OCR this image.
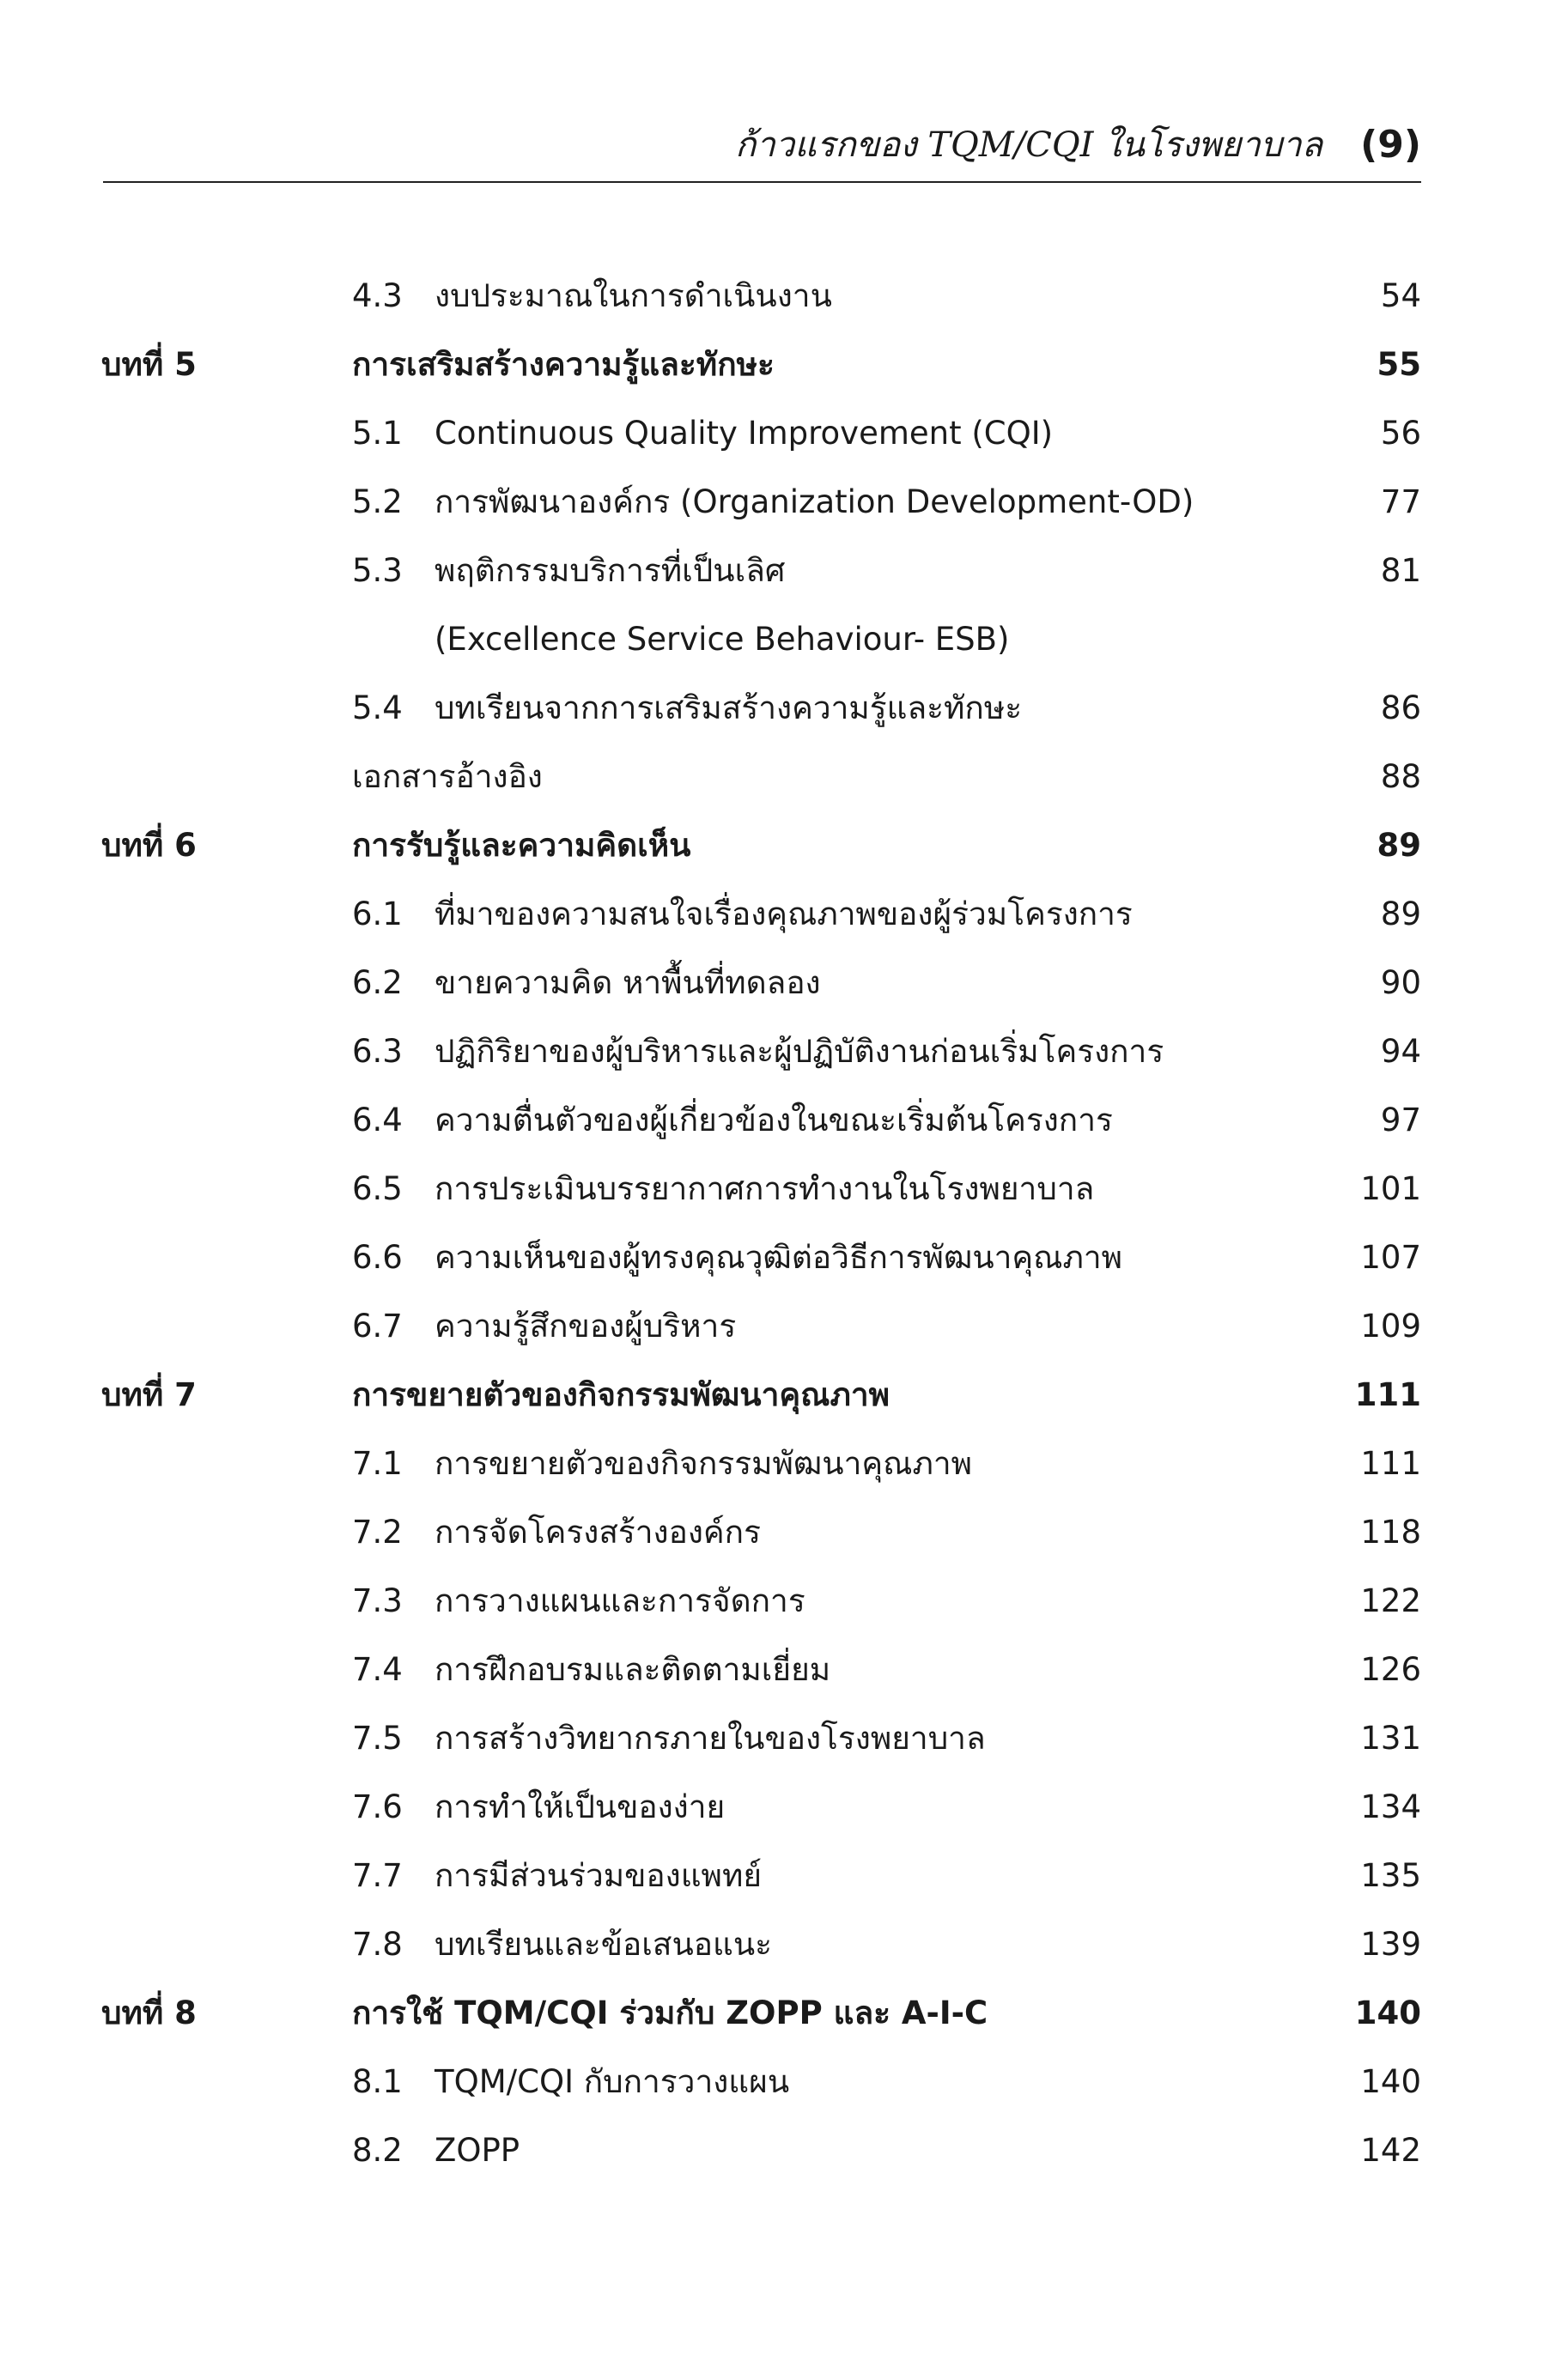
ก้าวแรกของ TQM/CQI ในโรงพยาบาล (9)
4.3 งบประมาณในการดำเนินงาน	54
บทที่ 5	การเสริมสร้างความรู้และทักษะ	55
5.1 Continuous Quality Improvement (CQI)	56
5.2 การพัฒนาองค์กร (Organization Development-OD)	77
5.3 พฤติกรรมบริการที่เป็นเลิศ	81
(Excellence Service Behaviour- ESB)
5.4 บทเรียนจากการเสริมสร้างความรู้และทักษะ	86
เอกสารอ้างอิง	88
บทที่ 6	การรับรู้และความคิดเห็น	89
6.1 ที่มาของความสนใจเรื่องคุณภาพของผู้ร่วมโครงการ	89
6.2 ขายความคิด หาพื้นที่ทดลอง	90
6.3 ปฏิกิริยาของผู้บริหารและผู้ปฏิบัติงานก่อนเริ่มโครงการ	94
6.4 ความตื่นตัวของผู้เกี่ยวข้องในขณะเริ่มต้นโครงการ	97
6.5 การประเมินบรรยากาศการทำงานในโรงพยาบาล	101
6.6 ความเห็นของผู้ทรงคุณวุฒิต่อวิธีการพัฒนาคุณภาพ	107
6.7 ความรู้สึกของผู้บริหาร	109
บทที่ 7	การขยายตัวของกิจกรรมพัฒนาคุณภาพ	111
7.1 การขยายตัวของกิจกรรมพัฒนาคุณภาพ	111
7.2 การจัดโครงสร้างองค์กร	118
7.3 การวางแผนและการจัดการ	122
7.4 การฝึกอบรมและติดตามเยี่ยม	126
7.5 การสร้างวิทยากรภายในของโรงพยาบาล	131
7.6 การทำให้เป็นของง่าย	134
7.7 การมีส่วนร่วมของแพทย์	135
7.8 บทเรียนและข้อเสนอแนะ	139
บทที่ 8	การใช้ TQM/CQI ร่วมกับ ZOPP และ A-I-C	140
8.1 TQM/CQI กับการวางแผน	140
8.2 ZOPP	142
